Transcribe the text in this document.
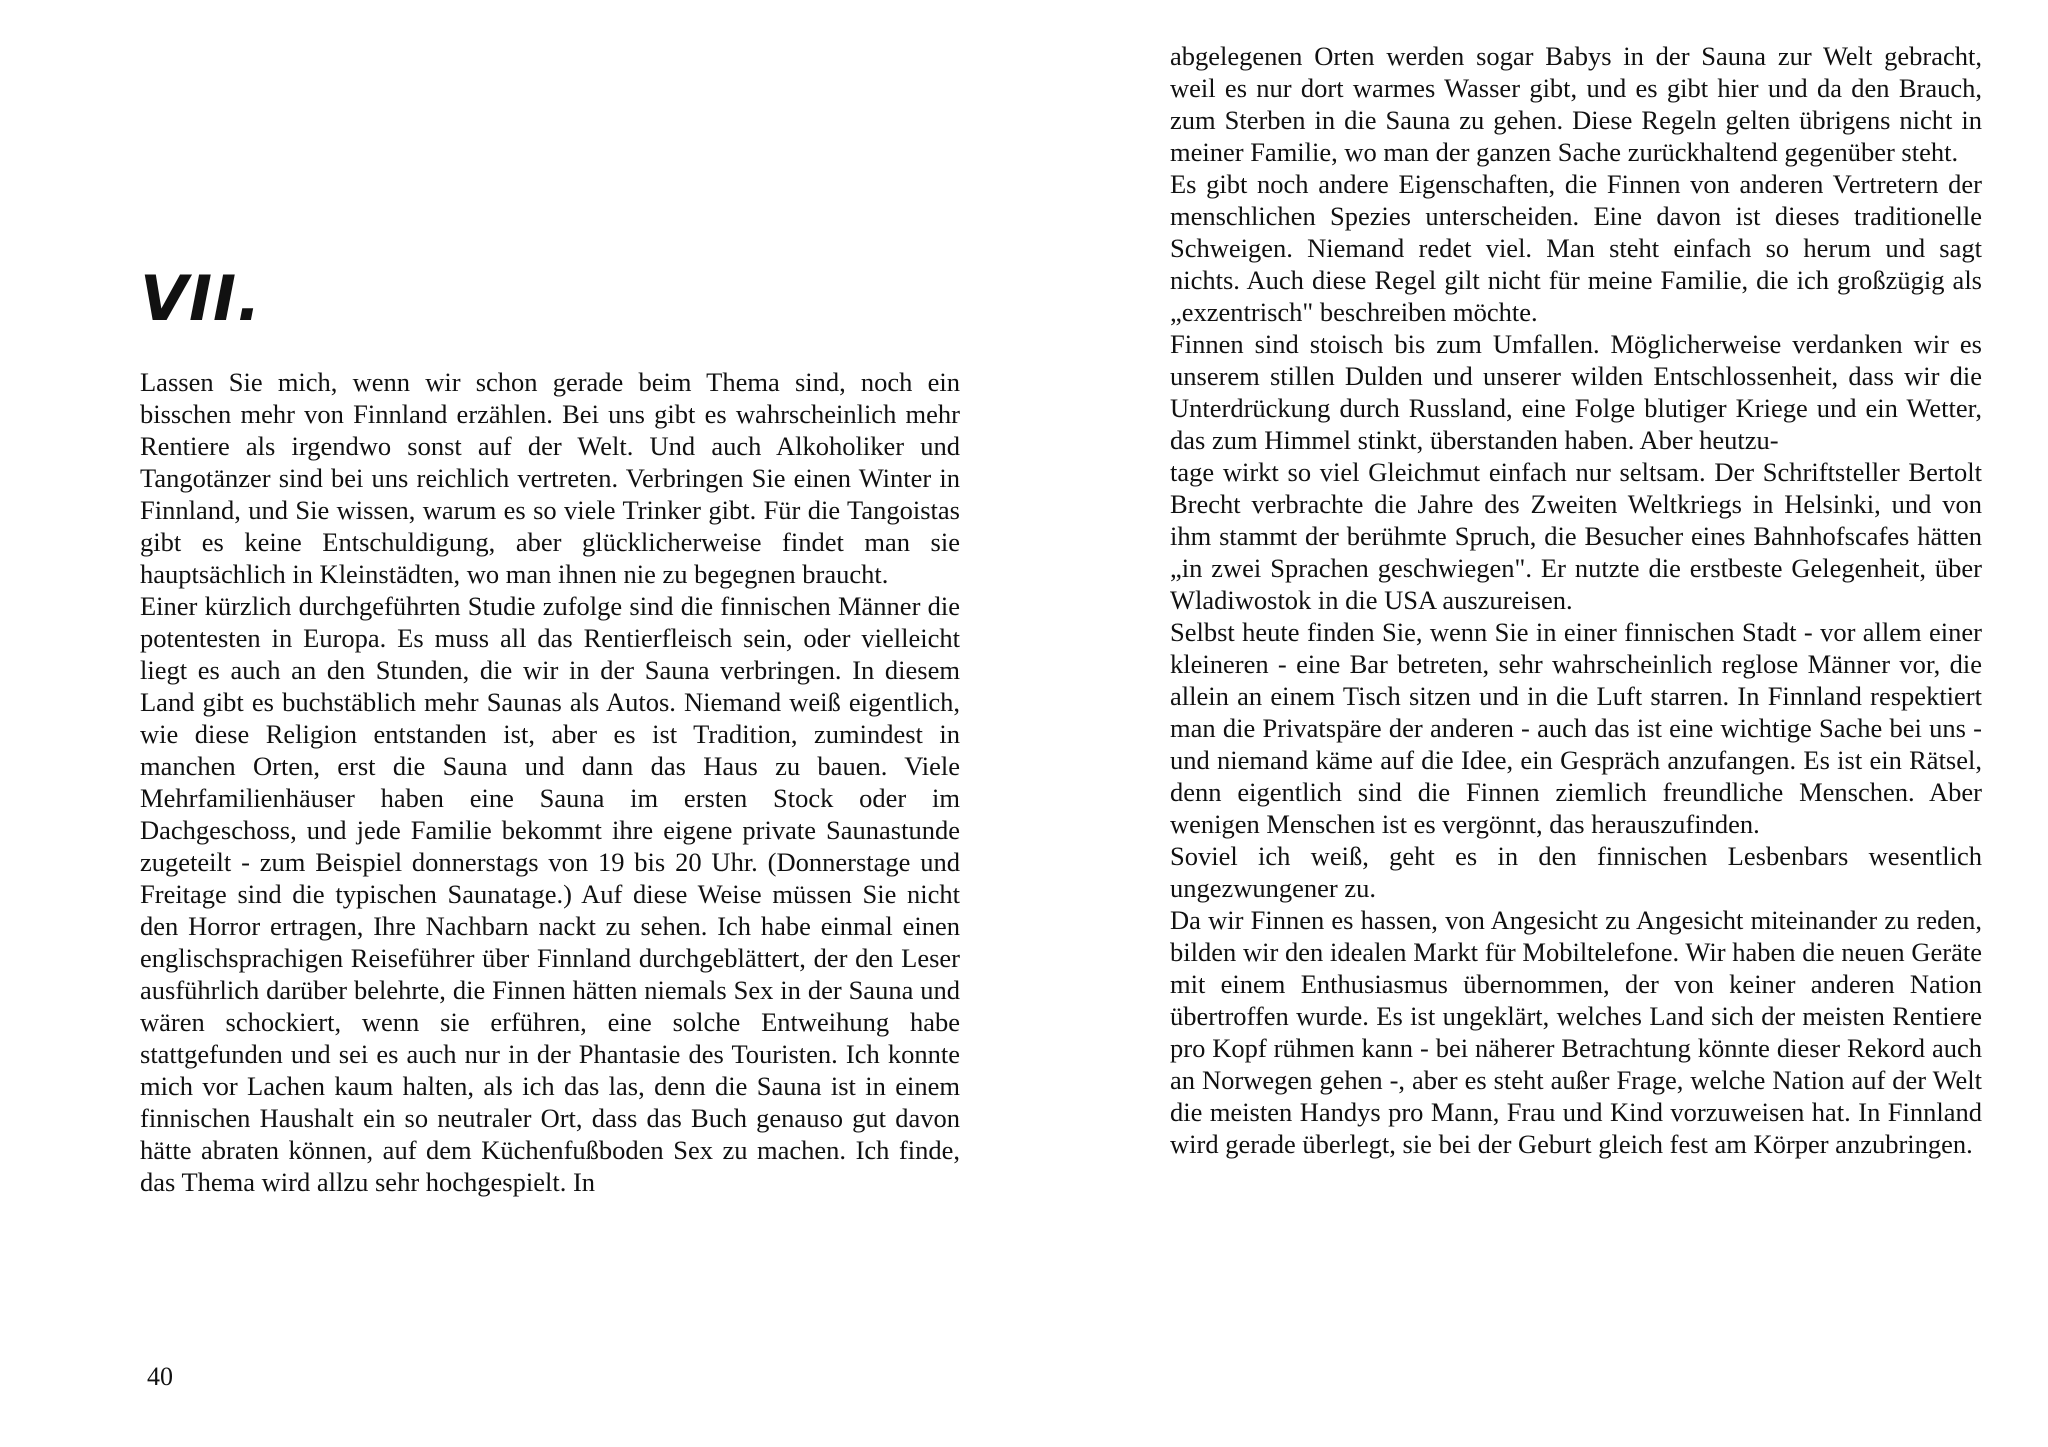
VII.

Lassen Sie mich, wenn wir schon gerade beim Thema sind, noch ein bisschen mehr von Finnland erzählen. Bei uns gibt es wahrscheinlich mehr Rentiere als irgendwo sonst auf der Welt. Und auch Alkoholiker und Tangotänzer sind bei uns reichlich vertreten. Verbringen Sie einen Winter in Finnland, und Sie wissen, warum es so viele Trinker gibt. Für die Tangoistas gibt es keine Entschuldigung, aber glücklicherweise findet man sie hauptsächlich in Kleinstädten, wo man ihnen nie zu begegnen braucht.

Einer kürzlich durchgeführten Studie zufolge sind die finnischen Männer die potentesten in Europa. Es muss all das Rentierfleisch sein, oder vielleicht liegt es auch an den Stunden, die wir in der Sauna verbringen. In diesem Land gibt es buchstäblich mehr Saunas als Autos. Niemand weiß eigentlich, wie diese Religion entstanden ist, aber es ist Tradition, zumindest in manchen Orten, erst die Sauna und dann das Haus zu bauen. Viele Mehrfamilienhäuser haben eine Sauna im ersten Stock oder im Dachgeschoss, und jede Familie bekommt ihre eigene private Saunastunde zugeteilt - zum Beispiel donnerstags von 19 bis 20 Uhr. (Donnerstage und Freitage sind die typischen Saunatage.) Auf diese Weise müssen Sie nicht den Horror ertragen, Ihre Nachbarn nackt zu sehen. Ich habe einmal einen englischsprachigen Reiseführer über Finnland durchgeblättert, der den Leser ausführlich darüber belehrte, die Finnen hätten niemals Sex in der Sauna und wären schockiert, wenn sie erführen, eine solche Entweihung habe stattgefunden und sei es auch nur in der Phantasie des Touristen. Ich konnte mich vor Lachen kaum halten, als ich das las, denn die Sauna ist in einem finnischen Haushalt ein so neutraler Ort, dass das Buch genauso gut davon hätte abraten können, auf dem Küchenfußboden Sex zu machen. Ich finde, das Thema wird allzu sehr hochgespielt. In

40

abgelegenen Orten werden sogar Babys in der Sauna zur Welt gebracht, weil es nur dort warmes Wasser gibt, und es gibt hier und da den Brauch, zum Sterben in die Sauna zu gehen. Diese Regeln gelten übrigens nicht in meiner Familie, wo man der ganzen Sache zurückhaltend gegenüber steht.

Es gibt noch andere Eigenschaften, die Finnen von anderen Vertretern der menschlichen Spezies unterscheiden. Eine davon ist dieses traditionelle Schweigen. Niemand redet viel. Man steht einfach so herum und sagt nichts. Auch diese Regel gilt nicht für meine Familie, die ich großzügig als „exzentrisch" beschreiben möchte.

Finnen sind stoisch bis zum Umfallen. Möglicherweise verdanken wir es unserem stillen Dulden und unserer wilden Entschlossenheit, dass wir die Unterdrückung durch Russland, eine Folge blutiger Kriege und ein Wetter, das zum Himmel stinkt, überstanden haben. Aber heutzu-

tage wirkt so viel Gleichmut einfach nur seltsam. Der Schriftsteller Bertolt Brecht verbrachte die Jahre des Zweiten Weltkriegs in Helsinki, und von ihm stammt der berühmte Spruch, die Besucher eines Bahnhofscafes hätten „in zwei Sprachen geschwiegen". Er nutzte die erstbeste Gelegenheit, über Wladiwostok in die USA auszureisen.

Selbst heute finden Sie, wenn Sie in einer finnischen Stadt - vor allem einer kleineren - eine Bar betreten, sehr wahrscheinlich reglose Männer vor, die allein an einem Tisch sitzen und in die Luft starren. In Finnland respektiert man die Privatspäre der anderen - auch das ist eine wichtige Sache bei uns - und niemand käme auf die Idee, ein Gespräch anzufangen. Es ist ein Rätsel, denn eigentlich sind die Finnen ziemlich freundliche Menschen. Aber wenigen Menschen ist es vergönnt, das herauszufinden.

Soviel ich weiß, geht es in den finnischen Lesbenbars wesentlich ungezwungener zu.

Da wir Finnen es hassen, von Angesicht zu Angesicht miteinander zu reden, bilden wir den idealen Markt für Mobiltelefone. Wir haben die neuen Geräte mit einem Enthusiasmus übernommen, der von keiner anderen Nation übertroffen wurde. Es ist ungeklärt, welches Land sich der meisten Rentiere pro Kopf rühmen kann - bei näherer Betrachtung könnte dieser Rekord auch an Norwegen gehen -, aber es steht außer Frage, welche Nation auf der Welt die meisten Handys pro Mann, Frau und Kind vorzuweisen hat. In Finnland wird gerade überlegt, sie bei der Geburt gleich fest am Körper anzubringen.
